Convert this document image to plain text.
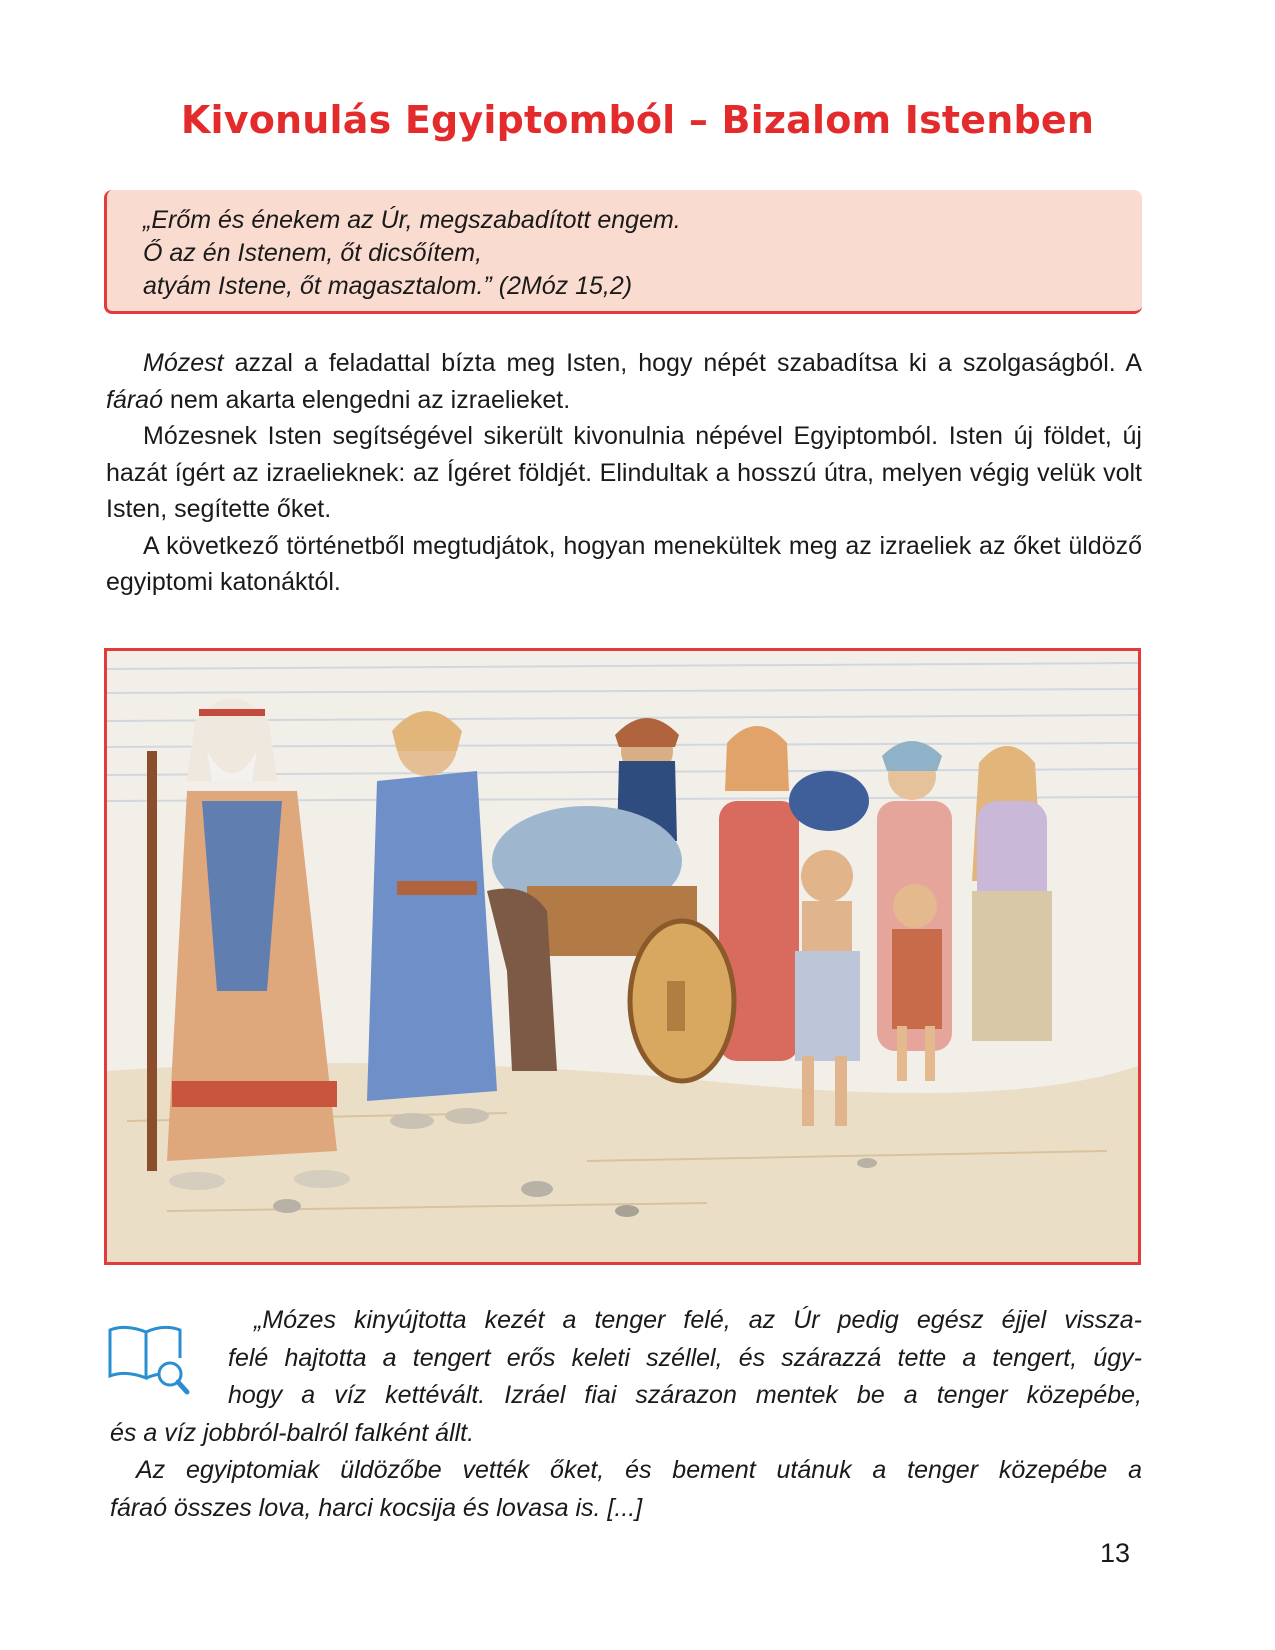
Kivonulás Egyiptomból – Bizalom Istenben
„Erőm és énekem az Úr, megszabadított engem.
Ő az én Istenem, őt dicsőítem,
atyám Istene, őt magasztalom.” (2Móz 15,2)

Mózest azzal a feladattal bízta meg Isten, hogy népét szabadítsa ki a szolgaságból. A fáraó nem akarta elengedni az izraelieket.

Mózesnek Isten segítségével sikerült kivonulnia népével Egyiptomból. Isten új földet, új hazát ígért az izraelieknek: az Ígéret földjét. Elindultak a hosszú útra, melyen végig velük volt Isten, segítette őket.

A következő történetből megtudjátok, hogyan menekültek meg az izraeliek az őket üldöző egyiptomi katonáktól.

„Mózes kinyújtotta kezét a tenger felé, az Úr pedig egész éjjel vissza-
felé hajtotta a tengert erős keleti széllel, és szárazzá tette a tengert, úgy-
hogy a víz kettévált. Izráel fiai szárazon mentek be a tenger közepébe,
és a víz jobbról-balról falként állt.
Az egyiptomiak üldözőbe vették őket, és bement utánuk a tenger közepébe a
fáraó összes lova, harci kocsija és lovasa is. [...]
13
